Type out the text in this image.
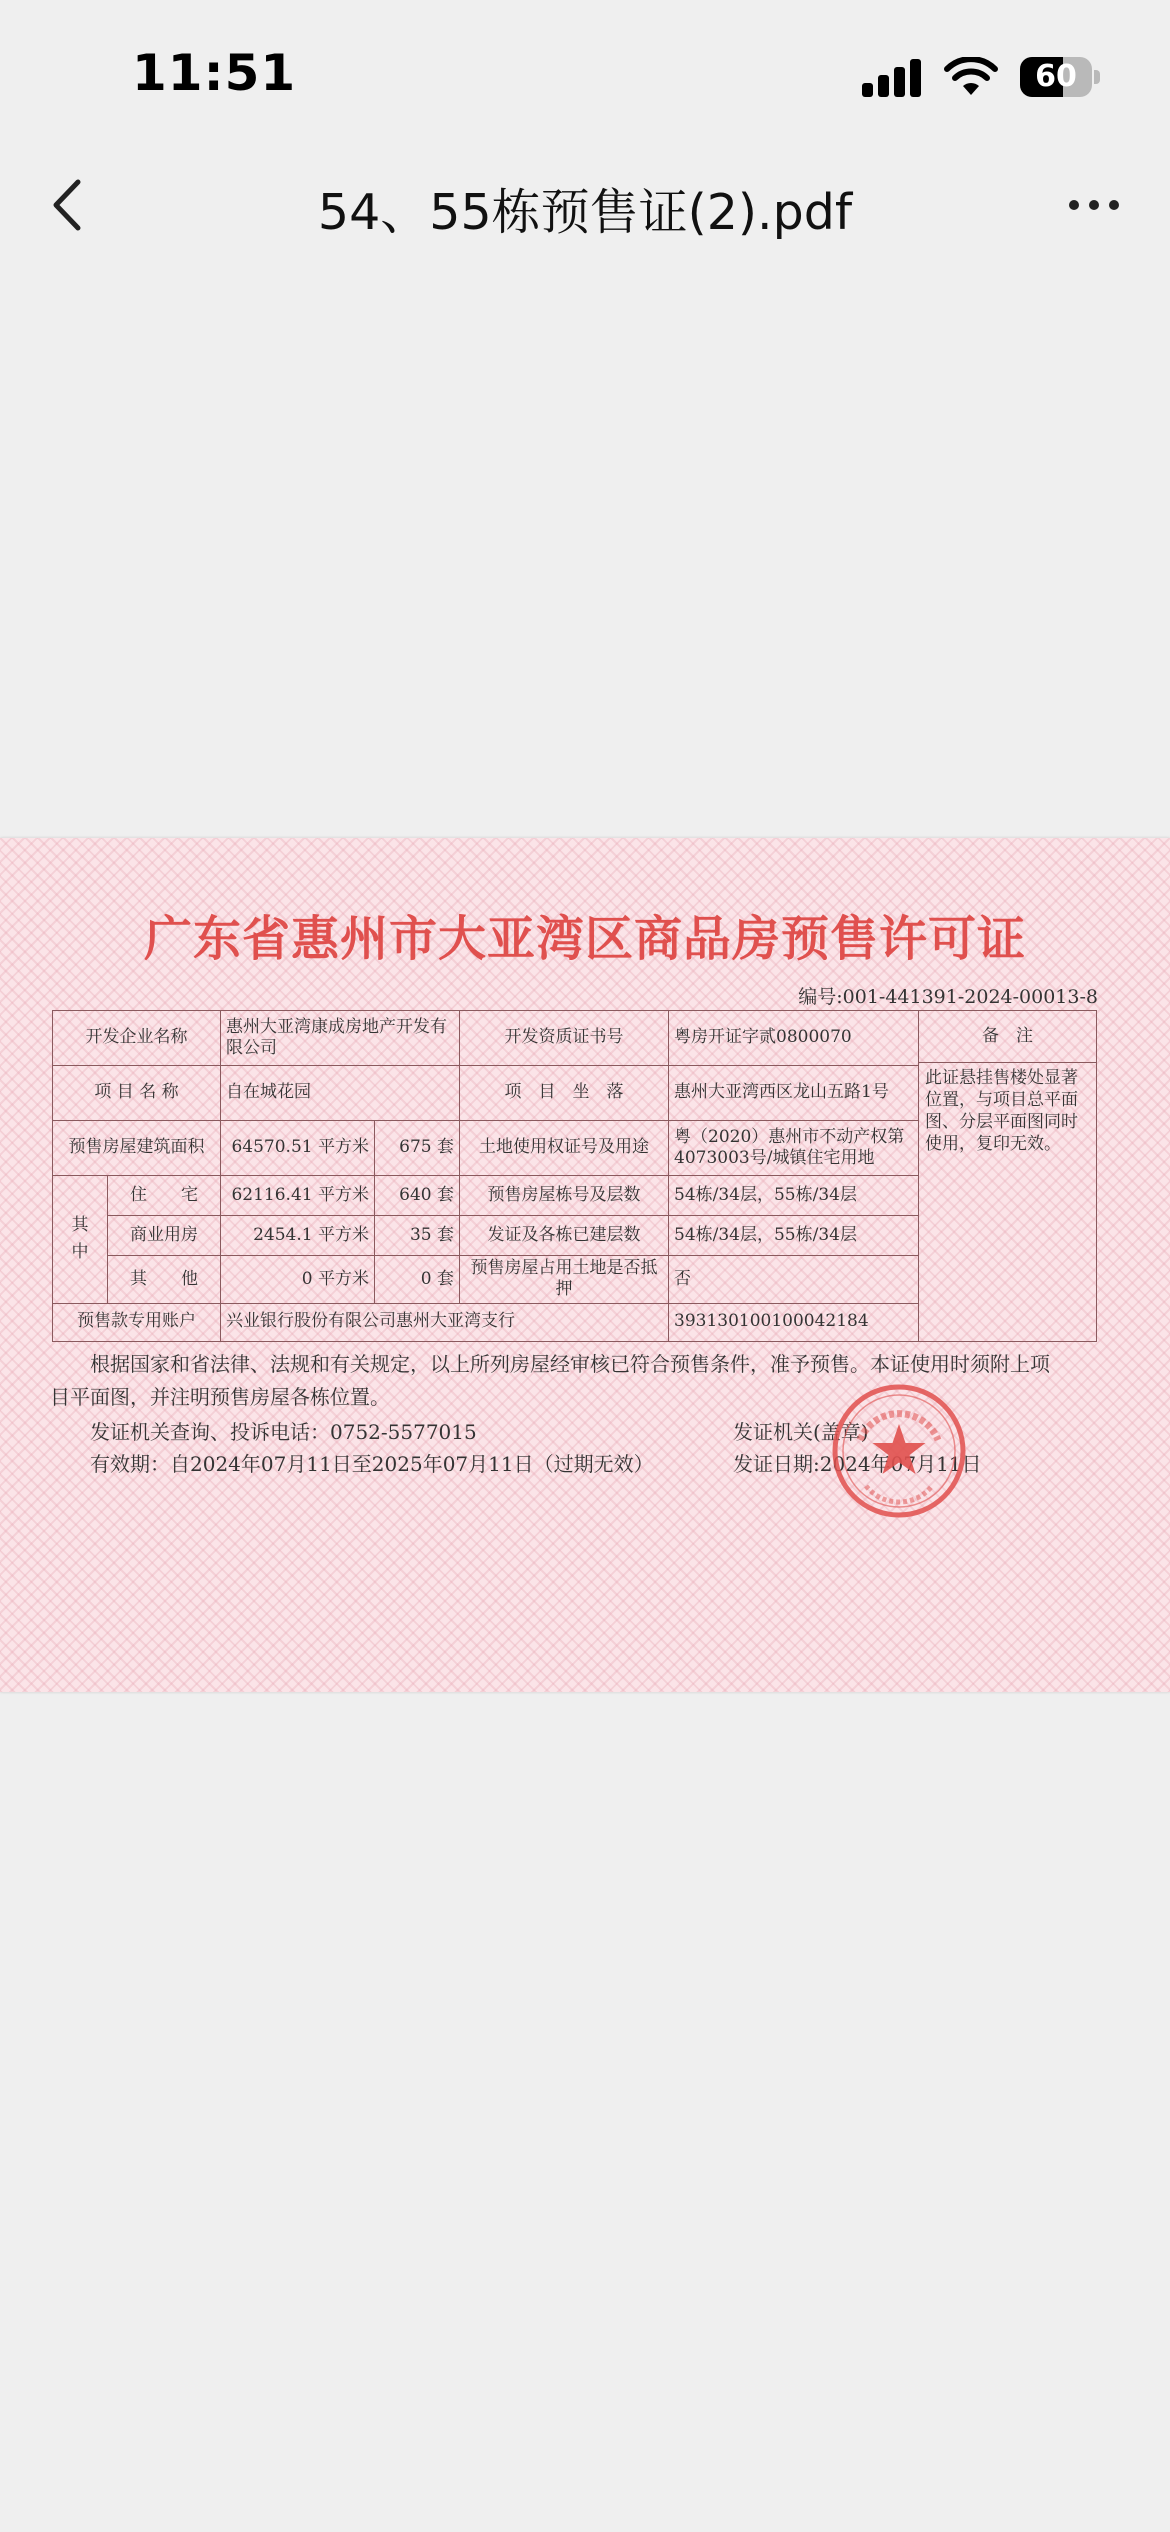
11:51	60
54、55栋预售证(2).pdf
广东省惠州市大亚湾区商品房预售许可证
编号:001-441391-2024-00013-8
开发企业名称		惠州大亚湾康成房地产开发有限公司		开发资质证书号	粤房开证字贰0800070	备　注
此证悬挂售楼处显著位置，与项目总平面图、分层平面图同时使用，复印无效。

项 目 名 称		自在城花园		项　目　坐　落	惠州大亚湾西区龙山五路1号	
预售房屋建筑面积		64570.51 平方米	675 套	土地使用权证号及用途	粤（2020）惠州市不动产权第4073003号/城镇住宅用地	

其
中	住　　宅	62116.41 平方米	640 套	预售房屋栋号及层数	54栋/34层，55栋/34层	
	商业用房	2454.1 平方米	35 套	发证及各栋已建层数	54栋/34层，55栋/34层	
	其　　他	0 平方米	0 套	预售房屋占用土地是否抵押	否	
预售款专用账户		兴业银行股份有限公司惠州大亚湾支行			393130100100042184	
根据国家和省法律、法规和有关规定，以上所列房屋经审核已符合预售条件，准予预售。本证使用时须附上项目平面图，并注明预售房屋各栋位置。
发证机关查询、投诉电话：0752-5577015
有效期：自2024年07月11日至2025年07月11日（过期无效）
发证机关(盖章)
发证日期:2024年07月11日
